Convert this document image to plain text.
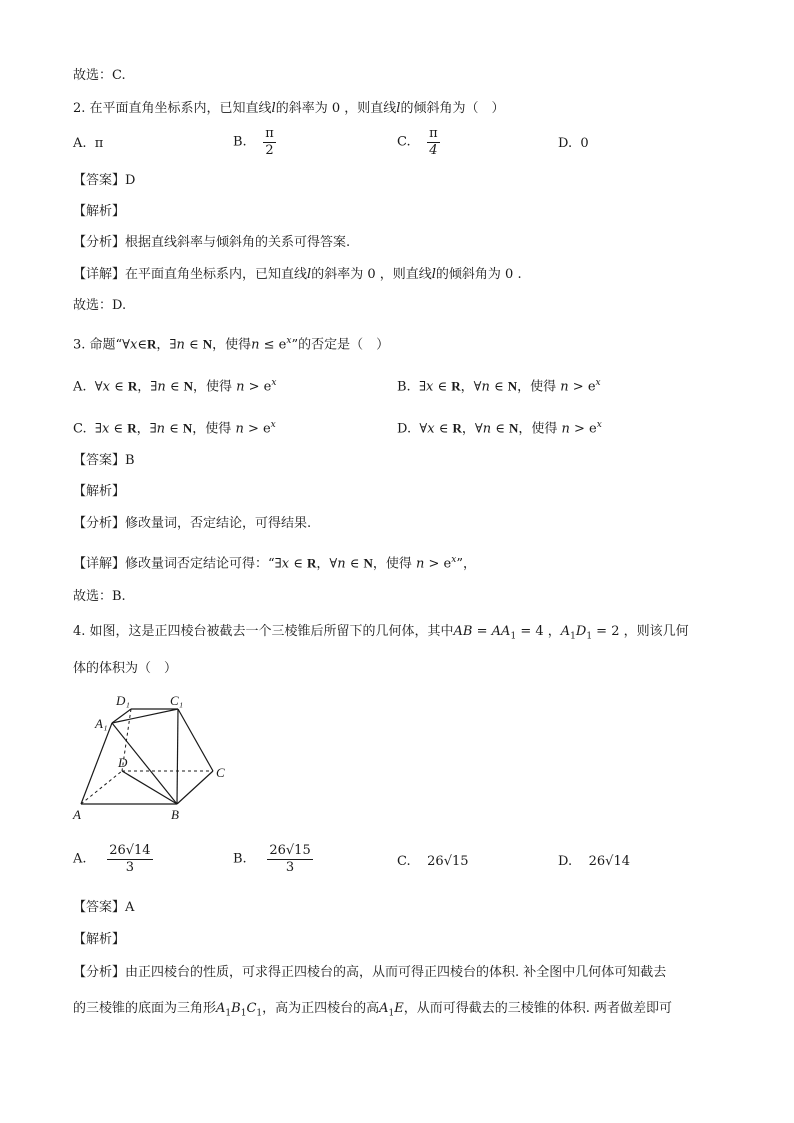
故选：C.
2. 在平面直角坐标系内，已知直线l的斜率为 0 ，则直线l的倾斜角为（　）
A. π	B. $\frac{\pi}{2}$	C. $\frac{\pi}{4}$	D. 0
【答案】D
【解析】
【分析】根据直线斜率与倾斜角的关系可得答案.
【详解】在平面直角坐标系内，已知直线l的斜率为 0 ，则直线l的倾斜角为 0 .
故选：D.
3. 命题“∀x∈R，∃n ∈ N，使得$n \le e^x$”的否定是（　）
A.  ∀x ∈ R，∃n ∈ N，使得 $n > e^x$	B.  ∃x ∈ R，∀n ∈ N，使得 $n > e^x$
C.  ∃x ∈ R，∃n ∈ N，使得 $n > e^x$	D.  ∀x ∈ R，∀n ∈ N，使得 $n > e^x$
【答案】B
【解析】
【分析】修改量词，否定结论，可得结果.
【详解】修改量词否定结论可得：“∃x ∈ R，∀n ∈ N，使得 $n > e^x$”，
故选：B.
4. 如图，这是正四棱台被截去一个三棱锥后所留下的几何体，其中AB = $AA_1 = 4$ ，$A_1D_1 = 2$ ，则该几何
体的体积为（　）
D₁	C₁
A₁
D
C
A	B
A. $\frac{26√14}{3}$	B. $\frac{26√15}{3}$	C. 26√15	D. 26√14
【答案】A
【解析】
【分析】由正四棱台的性质，可求得正四棱台的高，从而可得正四棱台的体积. 补全图中几何体可知截去
的三棱锥的底面为三角形$A_1B_1C_1$，高为正四棱台的高$A_1E$，从而可得截去的三棱锥的体积. 两者做差即可
